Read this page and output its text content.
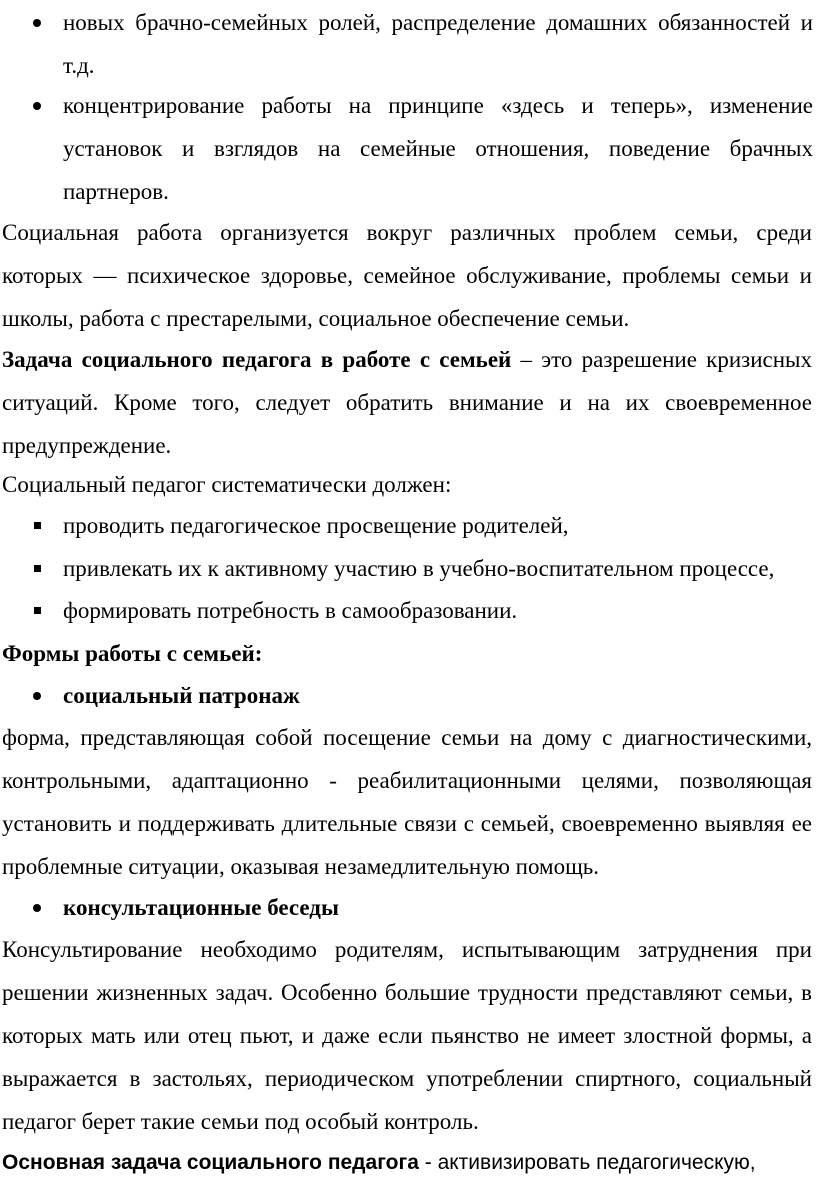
новых брачно-семейных ролей, распределение домашних обязанностей и т.д.

концентрирование работы на принципе «здесь и теперь», изменение установок и взглядов на семейные отношения, поведение брачных партнеров.

Социальная работа организуется вокруг различных проблем семьи, среди которых — психическое здоровье, семейное обслуживание, проблемы семьи и школы, работа с престарелыми, социальное обеспечение семьи.

Задача социального педагога в работе с семьей – это разрешение кризисных ситуаций. Кроме того, следует обратить внимание и на их своевременное предупреждение.

Социальный педагог систематически должен:

проводить педагогическое просвещение родителей,

привлекать их к активному участию в учебно-воспитательном процессе,

формировать потребность в самообразовании.

Формы работы с семьей:

социальный патронаж

форма, представляющая собой посещение семьи на дому с диагностическими, контрольными, адаптационно - реабилитационными целями, позволяющая установить и поддерживать длительные связи с семьей, своевременно выявляя ее проблемные ситуации, оказывая незамедлительную помощь.

консультационные беседы

Консультирование необходимо родителям, испытывающим затруднения при решении жизненных задач. Особенно большие трудности представляют семьи, в которых мать или отец пьют, и даже если пьянство не имеет злостной формы, а выражается в застольях, периодическом употреблении спиртного, социальный педагог берет такие семьи под особый контроль.

Основная задача социального педагога - активизировать педагогическую,
